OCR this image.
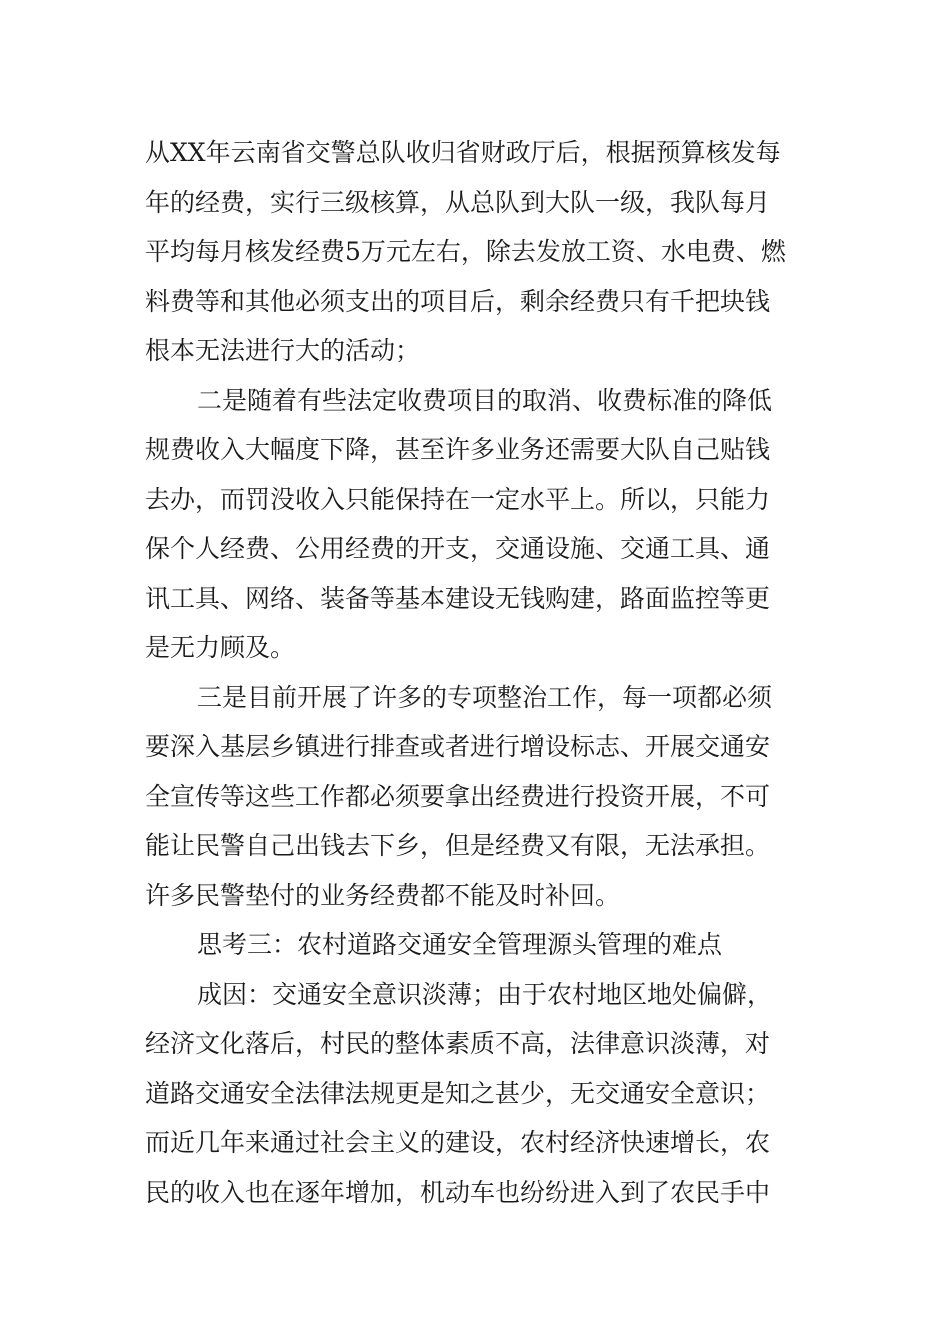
从XX年云南省交警总队收归省财政厅后，根据预算核发每
年的经费，实行三级核算，从总队到大队一级，我队每月
平均每月核发经费5万元左右，除去发放工资、水电费、燃
料费等和其他必须支出的项目后，剩余经费只有千把块钱
根本无法进行大的活动；
二是随着有些法定收费项目的取消、收费标准的降低
规费收入大幅度下降，甚至许多业务还需要大队自己贴钱
去办，而罚没收入只能保持在一定水平上。所以，只能力
保个人经费、公用经费的开支，交通设施、交通工具、通
讯工具、网络、装备等基本建设无钱购建，路面监控等更
是无力顾及。
三是目前开展了许多的专项整治工作，每一项都必须
要深入基层乡镇进行排查或者进行增设标志、开展交通安
全宣传等这些工作都必须要拿出经费进行投资开展，不可
能让民警自己出钱去下乡，但是经费又有限，无法承担。
许多民警垫付的业务经费都不能及时补回。
思考三：农村道路交通安全管理源头管理的难点
成因：交通安全意识淡薄；由于农村地区地处偏僻，
经济文化落后，村民的整体素质不高，法律意识淡薄，对
道路交通安全法律法规更是知之甚少，无交通安全意识；
而近几年来通过社会主义的建设，农村经济快速增长，农
民的收入也在逐年增加，机动车也纷纷进入到了农民手中
